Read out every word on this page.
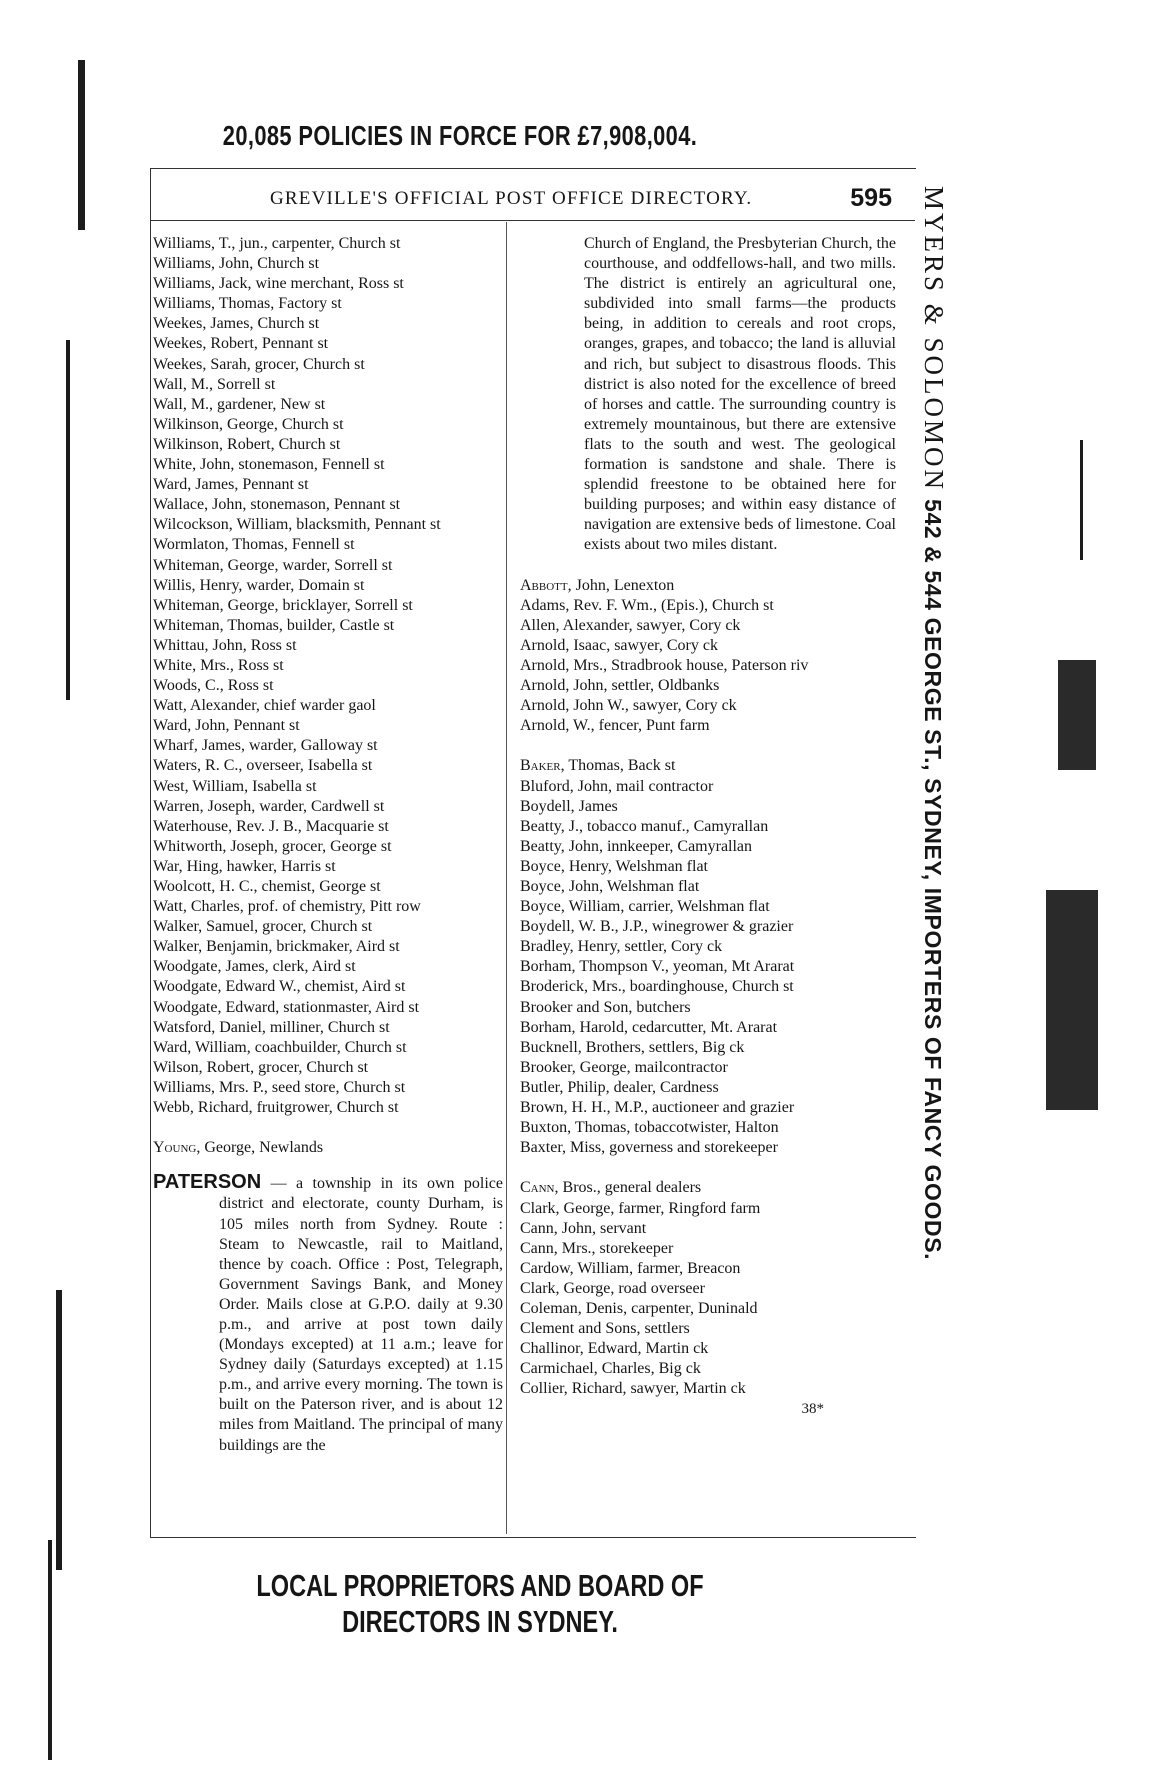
20,085 POLICIES IN FORCE FOR £7,908,004.
GREVILLE'S OFFICIAL POST OFFICE DIRECTORY.	595
Williams, T., jun., carpenter, Church st
Williams, John, Church st
Williams, Jack, wine merchant, Ross st
Williams, Thomas, Factory st
Weekes, James, Church st
Weekes, Robert, Pennant st
Weekes, Sarah, grocer, Church st
Wall, M., Sorrell st
Wall, M., gardener, New st
Wilkinson, George, Church st
Wilkinson, Robert, Church st
White, John, stonemason, Fennell st
Ward, James, Pennant st
Wallace, John, stonemason, Pennant st
Wilcockson, William, blacksmith, Pennant st
Wormlaton, Thomas, Fennell st
Whiteman, George, warder, Sorrell st
Willis, Henry, warder, Domain st
Whiteman, George, bricklayer, Sorrell st
Whiteman, Thomas, builder, Castle st
Whittau, John, Ross st
White, Mrs., Ross st
Woods, C., Ross st
Watt, Alexander, chief warder gaol
Ward, John, Pennant st
Wharf, James, warder, Galloway st
Waters, R. C., overseer, Isabella st
West, William, Isabella st
Warren, Joseph, warder, Cardwell st
Waterhouse, Rev. J. B., Macquarie st
Whitworth, Joseph, grocer, George st
War, Hing, hawker, Harris st
Woolcott, H. C., chemist, George st
Watt, Charles, prof. of chemistry, Pitt row
Walker, Samuel, grocer, Church st
Walker, Benjamin, brickmaker, Aird st
Woodgate, James, clerk, Aird st
Woodgate, Edward W., chemist, Aird st
Woodgate, Edward, stationmaster, Aird st
Watsford, Daniel, milliner, Church st
Ward, William, coachbuilder, Church st
Wilson, Robert, grocer, Church st
Williams, Mrs. P., seed store, Church st
Webb, Richard, fruitgrower, Church st
Young, George, Newlands
PATERSON — a township in its own police district and electorate, county Durham, is 105 miles north from Sydney. Route : Steam to Newcastle, rail to Maitland, thence by coach. Office : Post, Telegraph, Government Savings Bank, and Money Order. Mails close at G.P.O. daily at 9.30 p.m., and arrive at post town daily (Mondays excepted) at 11 a.m.; leave for Sydney daily (Saturdays excepted) at 1.15 p.m., and arrive every morning. The town is built on the Paterson river, and is about 12 miles from Maitland. The principal of many buildings are the
Church of England, the Presbyterian Church, the courthouse, and oddfellows-hall, and two mills. The district is entirely an agricultural one, subdivided into small farms—the products being, in addition to cereals and root crops, oranges, grapes, and tobacco; the land is alluvial and rich, but subject to disastrous floods. This district is also noted for the excellence of breed of horses and cattle. The surrounding country is extremely mountainous, but there are extensive flats to the south and west. The geological formation is sandstone and shale. There is splendid freestone to be obtained here for building purposes; and within easy distance of navigation are extensive beds of limestone. Coal exists about two miles distant.
Abbott, John, Lenexton
Adams, Rev. F. Wm., (Epis.), Church st
Allen, Alexander, sawyer, Cory ck
Arnold, Isaac, sawyer, Cory ck
Arnold, Mrs., Stradbrook house, Paterson riv
Arnold, John, settler, Oldbanks
Arnold, John W., sawyer, Cory ck
Arnold, W., fencer, Punt farm
Baker, Thomas, Back st
Bluford, John, mail contractor
Boydell, James
Beatty, J., tobacco manuf., Camyrallan
Beatty, John, innkeeper, Camyrallan
Boyce, Henry, Welshman flat
Boyce, John, Welshman flat
Boyce, William, carrier, Welshman flat
Boydell, W. B., J.P., winegrower & grazier
Bradley, Henry, settler, Cory ck
Borham, Thompson V., yeoman, Mt Ararat
Broderick, Mrs., boardinghouse, Church st
Brooker and Son, butchers
Borham, Harold, cedarcutter, Mt. Ararat
Bucknell, Brothers, settlers, Big ck
Brooker, George, mailcontractor
Butler, Philip, dealer, Cardness
Brown, H. H., M.P., auctioneer and grazier
Buxton, Thomas, tobaccotwister, Halton
Baxter, Miss, governess and storekeeper
Cann, Bros., general dealers
Clark, George, farmer, Ringford farm
Cann, John, servant
Cann, Mrs., storekeeper
Cardow, William, farmer, Breacon
Clark, George, road overseer
Coleman, Denis, carpenter, Duninald
Clement and Sons, settlers
Challinor, Edward, Martin ck
Carmichael, Charles, Big ck
Collier, Richard, sawyer, Martin ck
38*
MYERS & SOLOMON 542 & 544 GEORGE ST., SYDNEY, IMPORTERS OF FANCY GOODS.
LOCAL PROPRIETORS AND BOARD OF DIRECTORS IN SYDNEY.
